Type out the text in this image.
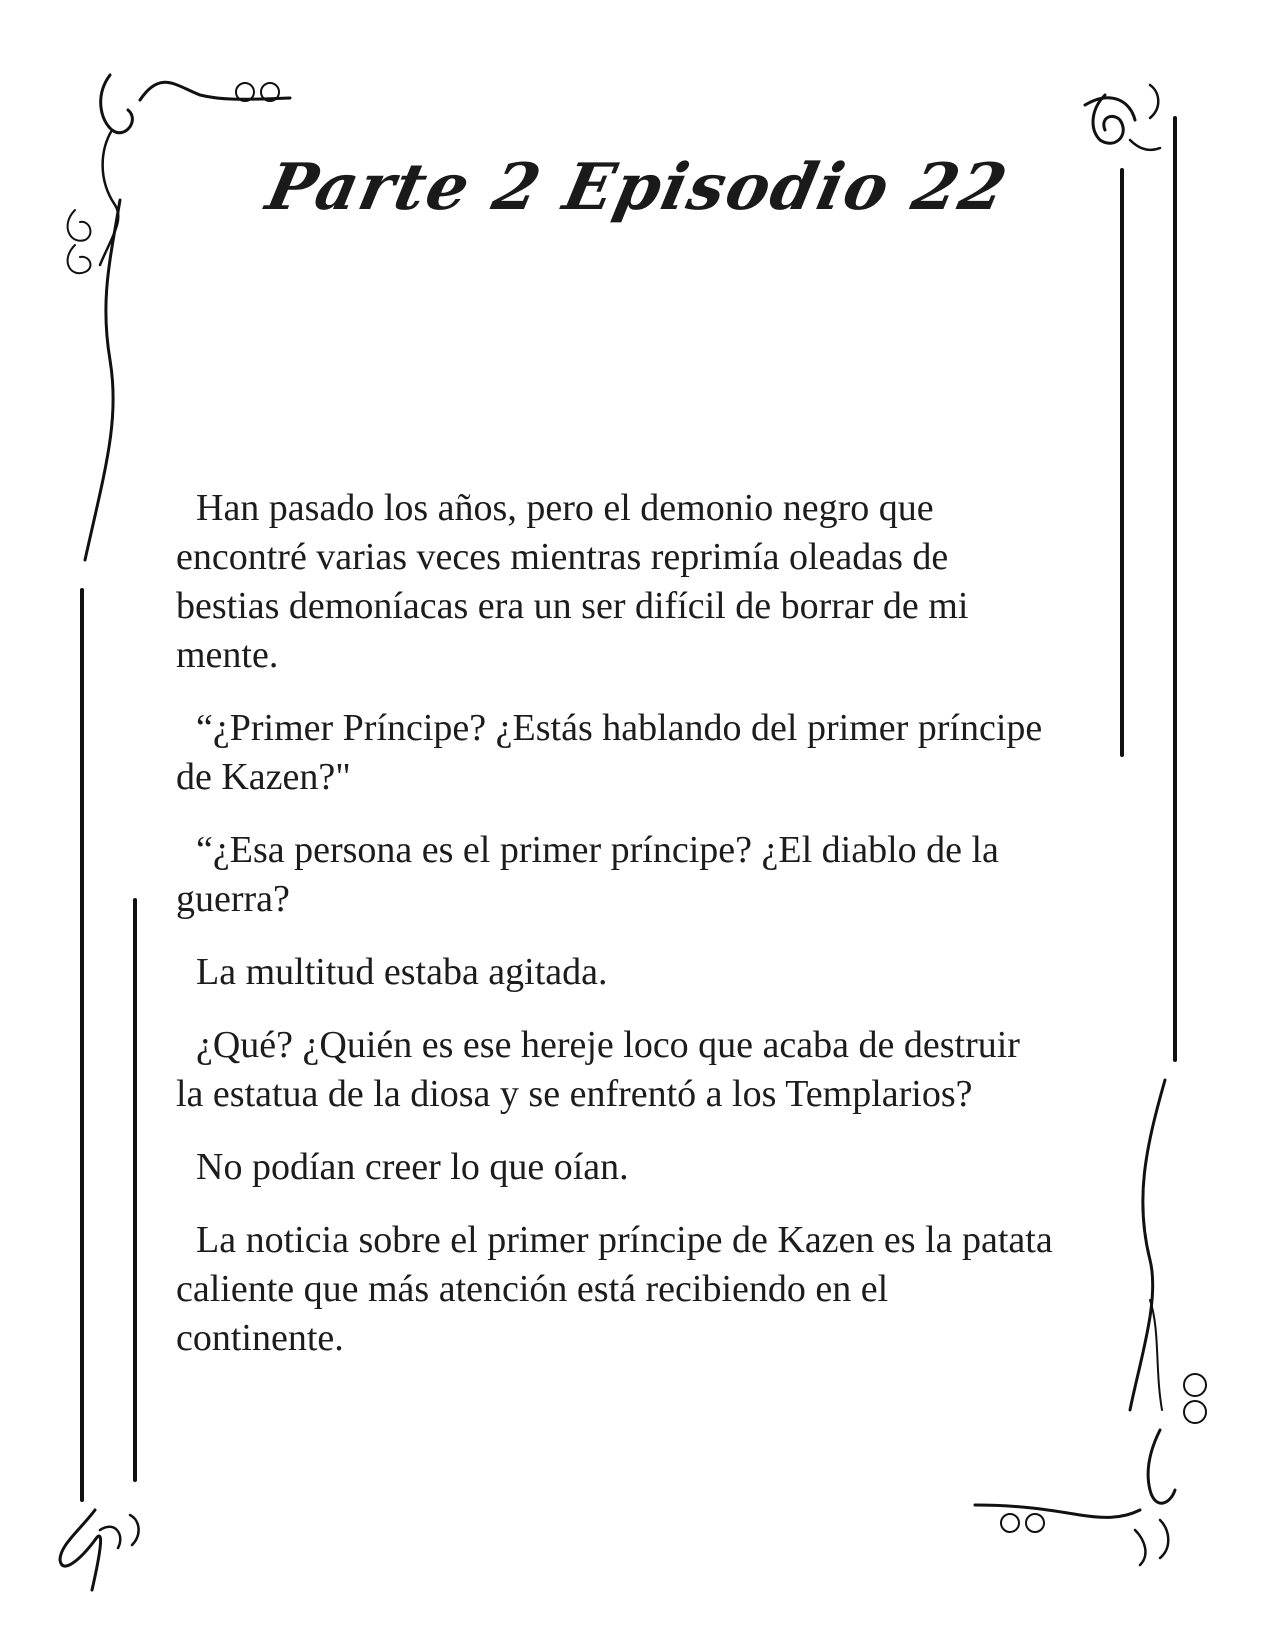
Parte 2 Episodio 22

Han pasado los años, pero el demonio negro que encontré varias veces mientras reprimía oleadas de bestias demoníacas era un ser difícil de borrar de mi mente.

“¿Primer Príncipe? ¿Estás hablando del primer príncipe de Kazen?"

“¿Esa persona es el primer príncipe? ¿El diablo de la guerra?

La multitud estaba agitada.

¿Qué? ¿Quién es ese hereje loco que acaba de destruir la estatua de la diosa y se enfrentó a los Templarios?

No podían creer lo que oían.

La noticia sobre el primer príncipe de Kazen es la patata caliente que más atención está recibiendo en el continente.
